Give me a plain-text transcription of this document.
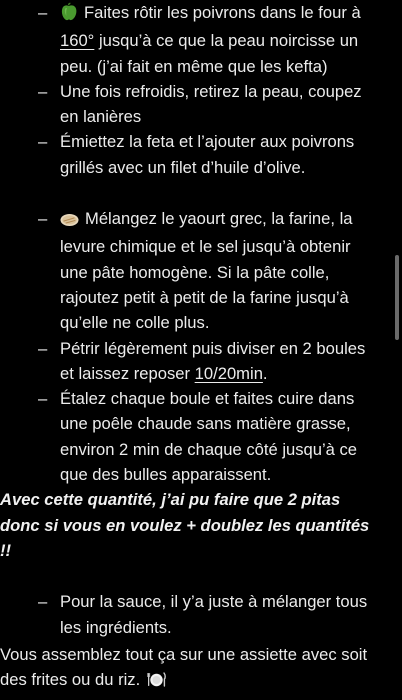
– Faites rôtir les poivrons dans le four à 160° jusqu’à ce que la peau noircisse un peu. (j’ai fait en même que les kefta)
– Une fois refroidis, retirez la peau, coupez en lanières
– Émiettez la feta et l’ajouter aux poivrons grillés avec un filet d’huile d’olive.
– Mélangez le yaourt grec, la farine, la levure chimique et le sel jusqu’à obtenir une pâte homogène. Si la pâte colle, rajoutez petit à petit de la farine jusqu’à qu’elle ne colle plus.
– Pétrir légèrement puis diviser en 2 boules et laissez reposer 10/20min.
– Étalez chaque boule et faites cuire dans une poêle chaude sans matière grasse, environ 2 min de chaque côté jusqu’à ce que des bulles apparaissent.
Avec cette quantité, j’ai pu faire que 2 pitas donc si vous en voulez + doublez les quantités !!
– Pour la sauce, il y’a juste à mélanger tous les ingrédients.
Vous assemblez tout ça sur une assiette avec soit des frites ou du riz.
